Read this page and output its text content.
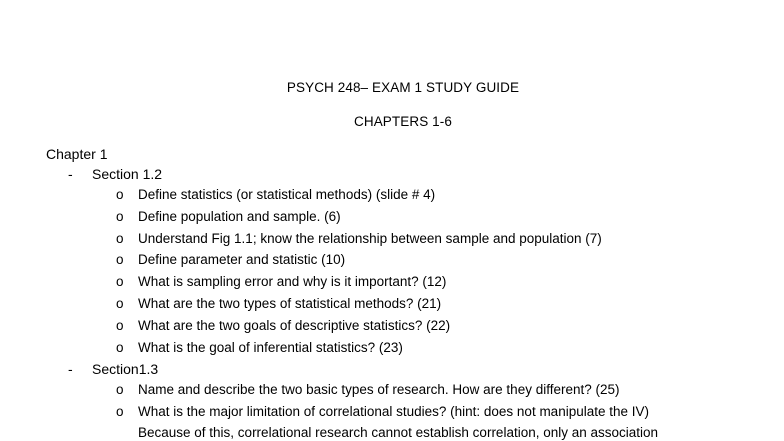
PSYCH 248– EXAM 1 STUDY GUIDE
CHAPTERS 1-6
Chapter 1
- Section 1.2
o Define statistics (or statistical methods) (slide # 4)
o Define population and sample. (6)
o Understand Fig 1.1; know the relationship between sample and population (7)
o Define parameter and statistic (10)
o What is sampling error and why is it important? (12)
o What are the two types of statistical methods? (21)
o What are the two goals of descriptive statistics? (22)
o What is the goal of inferential statistics? (23)
- Section1.3
o Name and describe the two basic types of research. How are they different? (25)
o What is the major limitation of correlational studies? (hint: does not manipulate the IV)
Because of this, correlational research cannot establish correlation, only an association
